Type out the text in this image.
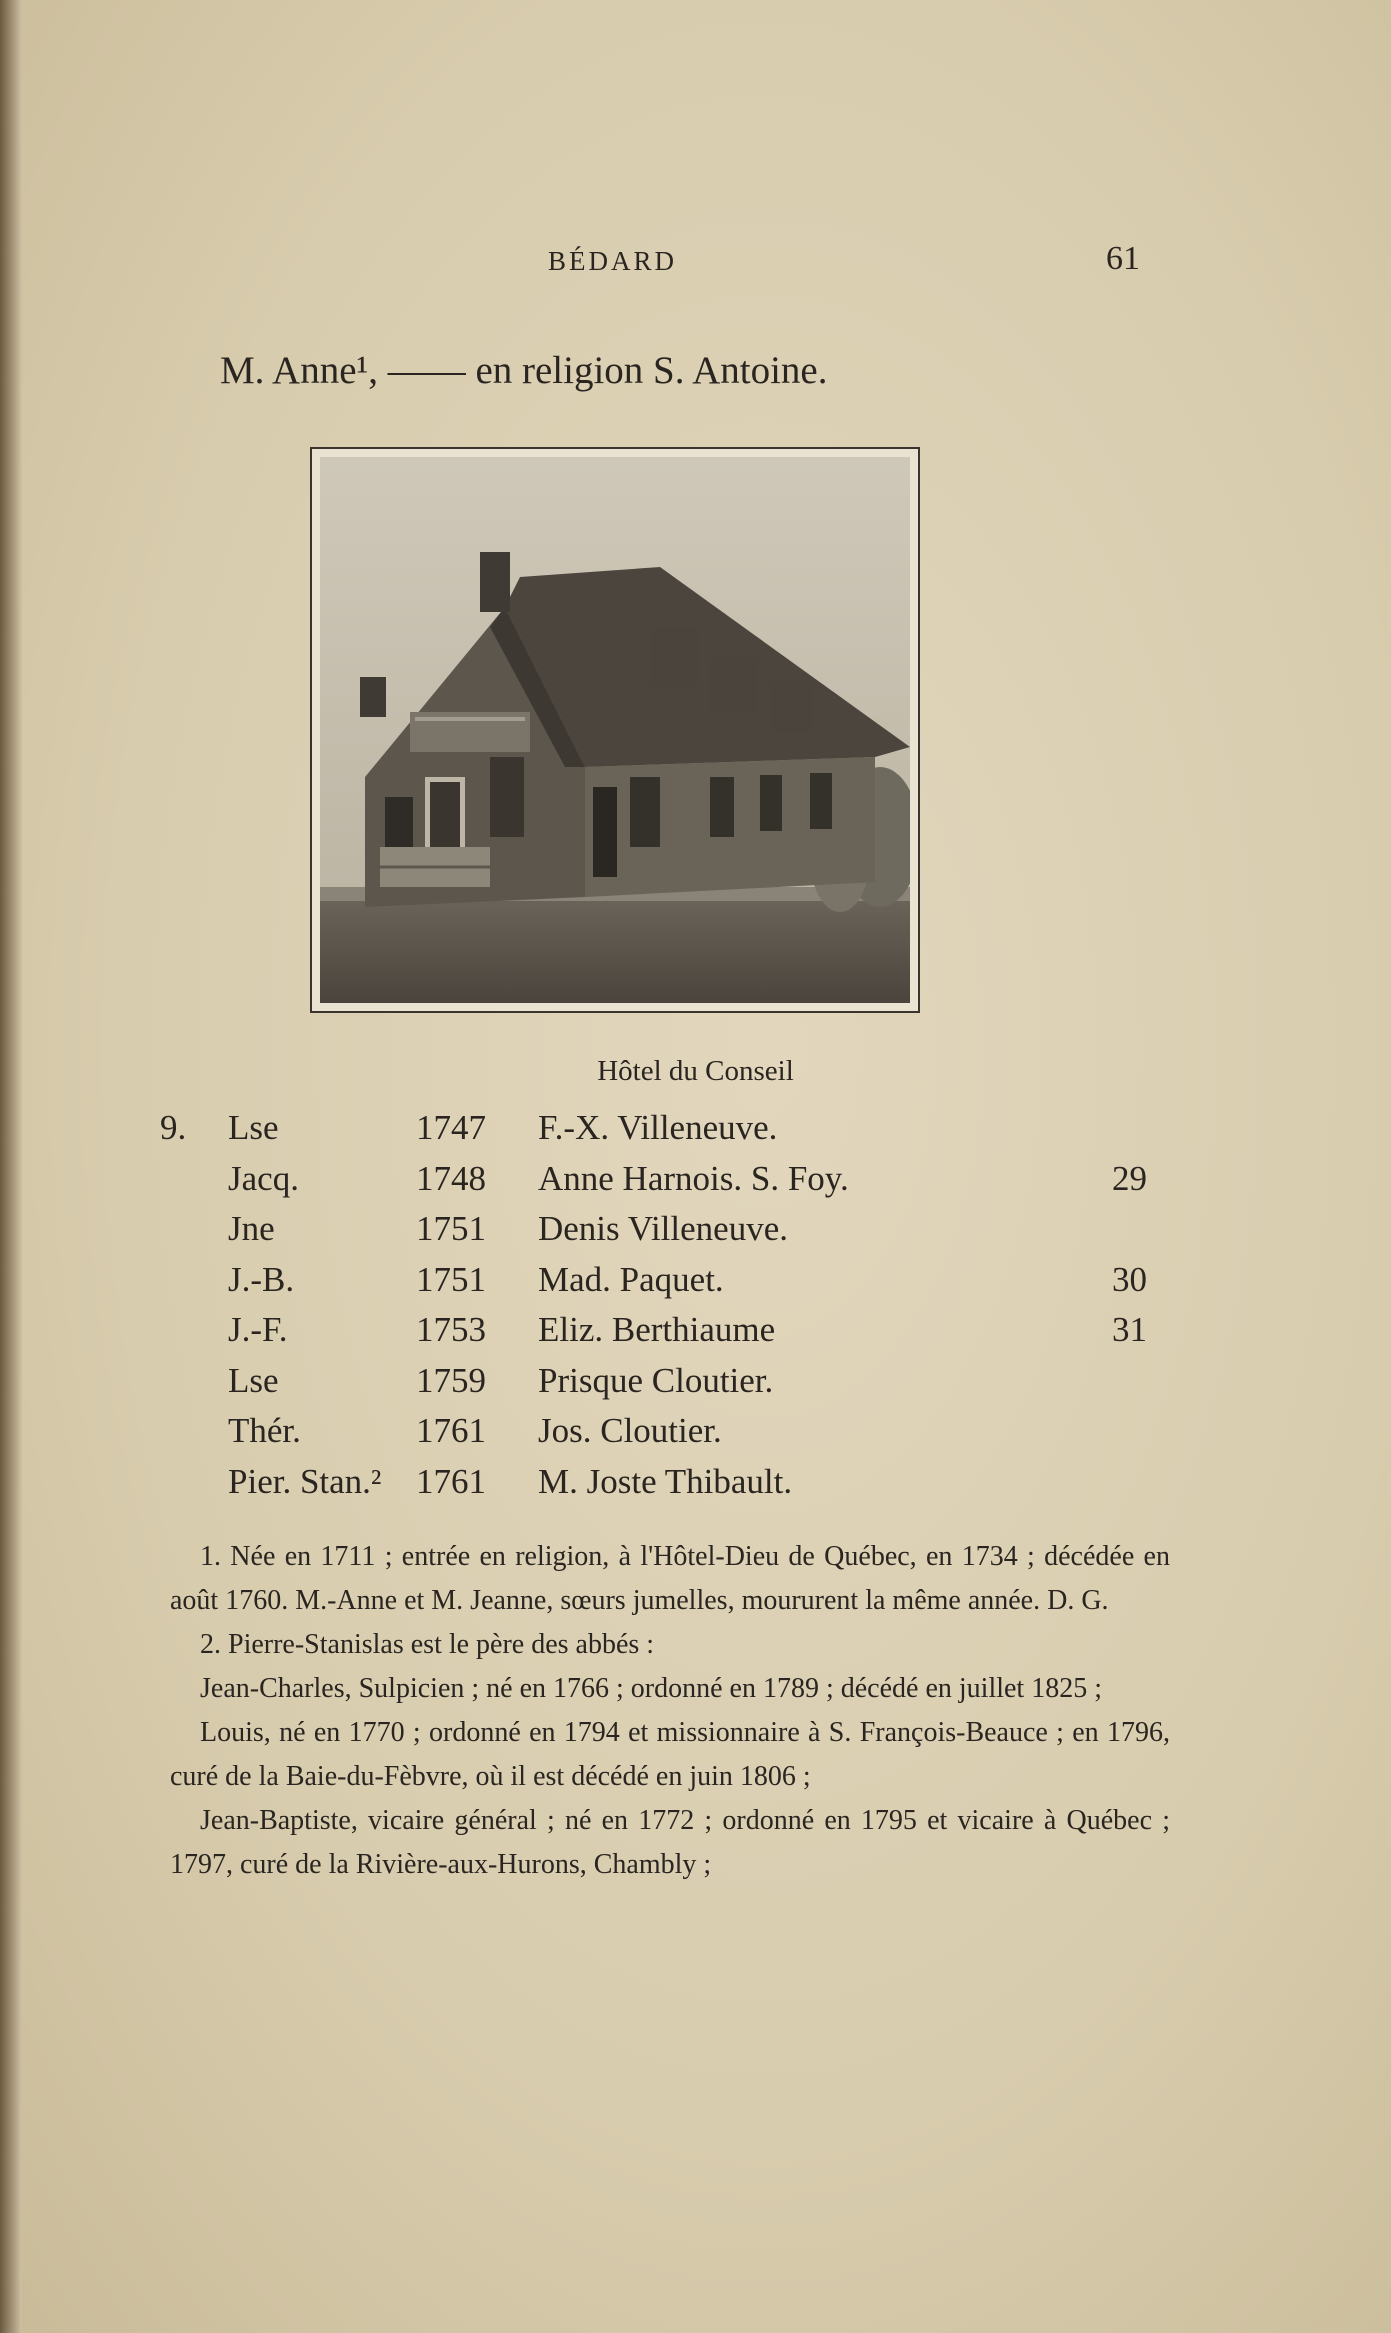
BÉDARD	61
M. Anne¹, —— en religion S. Antoine.
Hôtel du Conseil
9. Lse	1747 F.-X. Villeneuve.
Jacq.	1748 Anne Harnois. S. Foy.	29
Jne	1751 Denis Villeneuve.
J.-B.	1751 Mad. Paquet.	30
J.-F.	1753 Eliz. Berthiaume	31
Lse	1759 Prisque Cloutier.
Thér.	1761 Jos. Cloutier.
Pier. Stan.² 1761 M. Joste Thibault.

1. Née en 1711 ; entrée en religion, à l'Hôtel-Dieu de Québec, en 1734 ; décédée en août 1760. M.-Anne et M. Jeanne, sœurs jumelles, moururent la même année. D. G.

2. Pierre-Stanislas est le père des abbés :

Jean-Charles, Sulpicien ; né en 1766 ; ordonné en 1789 ; décédé en juillet 1825 ;

Louis, né en 1770 ; ordonné en 1794 et missionnaire à S. François-Beauce ; en 1796, curé de la Baie-du-Fèbvre, où il est décédé en juin 1806 ;

Jean-Baptiste, vicaire général ; né en 1772 ; ordonné en 1795 et vicaire à Québec ; 1797, curé de la Rivière-aux-Hurons, Chambly ;
